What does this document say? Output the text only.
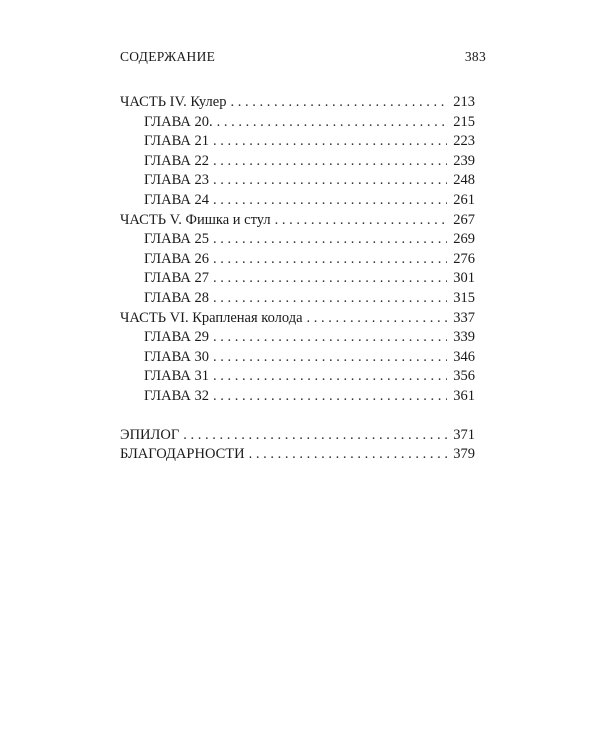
СОДЕРЖАНИЕ	383
ЧАСТЬ IV. Кулер . . .	213
ГЛАВА 20. . . .	215
ГЛАВА 21 . . .	223
ГЛАВА 22 . . .	239
ГЛАВА 23 . . .	248
ГЛАВА 24 . . .	261
ЧАСТЬ V. Фишка и стул . . .	267
ГЛАВА 25 . . .	269
ГЛАВА 26 . . .	276
ГЛАВА 27 . . .	301
ГЛАВА 28 . . .	315
ЧАСТЬ VI. Крапленая колода . . .	337
ГЛАВА 29 . . .	339
ГЛАВА 30 . . .	346
ГЛАВА 31 . . .	356
ГЛАВА 32 . . .	361
ЭПИЛОГ . . .	371
БЛАГОДАРНОСТИ . . .	379
